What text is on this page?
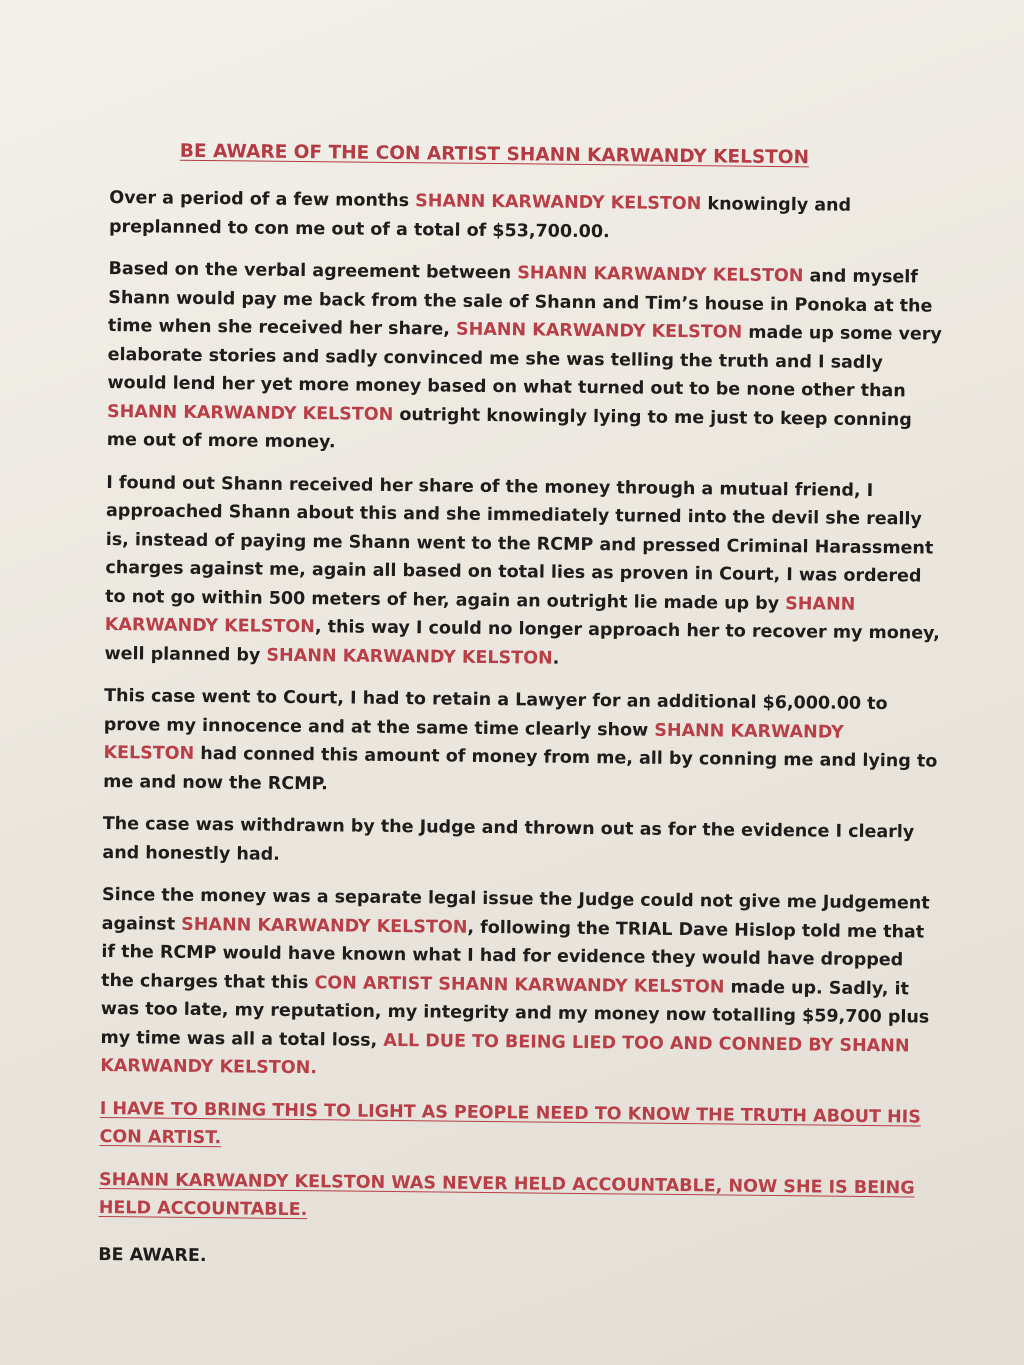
BE AWARE OF THE CON ARTIST SHANN KARWANDY KELSTON

Over a period of a few months SHANN KARWANDY KELSTON knowingly and preplanned to con me out of a total of $53,700.00.

Based on the verbal agreement between SHANN KARWANDY KELSTON and myself Shann would pay me back from the sale of Shann and Tim’s house in Ponoka at the time when she received her share, SHANN KARWANDY KELSTON made up some very elaborate stories and sadly convinced me she was telling the truth and I sadly would lend her yet more money based on what turned out to be none other than SHANN KARWANDY KELSTON outright knowingly lying to me just to keep conning me out of more money.

I found out Shann received her share of the money through a mutual friend, I approached Shann about this and she immediately turned into the devil she really is, instead of paying me Shann went to the RCMP and pressed Criminal Harassment charges against me, again all based on total lies as proven in Court, I was ordered to not go within 500 meters of her, again an outright lie made up by SHANN KARWANDY KELSTON, this way I could no longer approach her to recover my money, well planned by SHANN KARWANDY KELSTON.

This case went to Court, I had to retain a Lawyer for an additional $6,000.00 to prove my innocence and at the same time clearly show SHANN KARWANDY KELSTON had conned this amount of money from me, all by conning me and lying to me and now the RCMP.

The case was withdrawn by the Judge and thrown out as for the evidence I clearly and honestly had.

Since the money was a separate legal issue the Judge could not give me Judgement against SHANN KARWANDY KELSTON, following the TRIAL Dave Hislop told me that if the RCMP would have known what I had for evidence they would have dropped the charges that this CON ARTIST SHANN KARWANDY KELSTON made up. Sadly, it was too late, my reputation, my integrity and my money now totalling $59,700 plus my time was all a total loss, ALL DUE TO BEING LIED TOO AND CONNED BY SHANN KARWANDY KELSTON.

I HAVE TO BRING THIS TO LIGHT AS PEOPLE NEED TO KNOW THE TRUTH ABOUT HIS CON ARTIST.

SHANN KARWANDY KELSTON WAS NEVER HELD ACCOUNTABLE, NOW SHE IS BEING HELD ACCOUNTABLE.

BE AWARE.
